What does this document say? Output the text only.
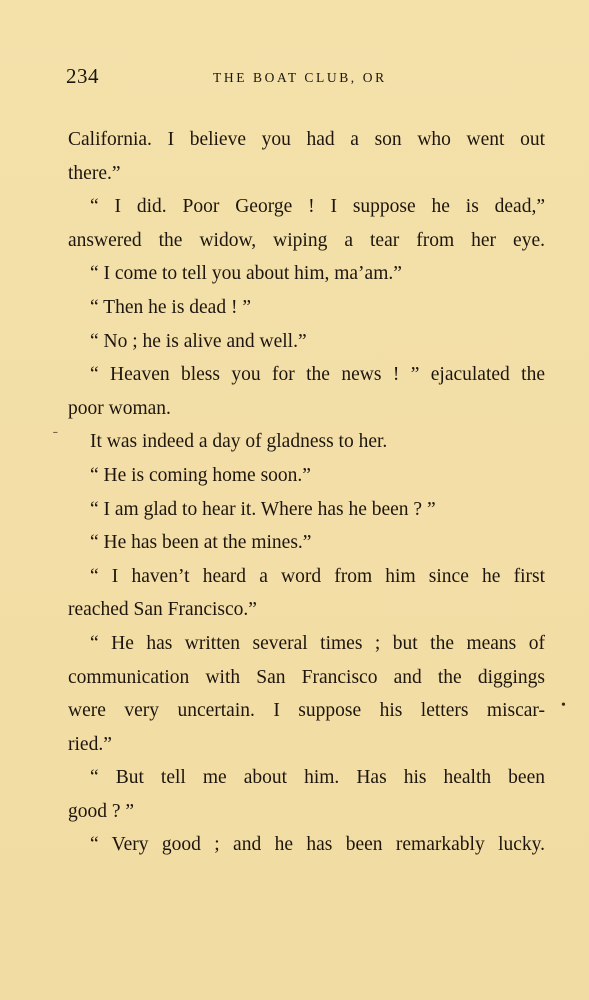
234	THE BOAT CLUB, OR
California. I believe you had a son who went out
there.”
“ I did. Poor George ! I suppose he is dead,”
answered the widow, wiping a tear from her eye.
“ I come to tell you about him, ma’am.”
“ Then he is dead ! ”
“ No ; he is alive and well.”
“ Heaven bless you for the news ! ” ejaculated the
poor woman.
It was indeed a day of gladness to her.
“ He is coming home soon.”
“ I am glad to hear it. Where has he been ? ”
“ He has been at the mines.”
“ I haven’t heard a word from him since he first
reached San Francisco.”
“ He has written several times ; but the means of
communication with San Francisco and the diggings
were very uncertain. I suppose his letters miscar-
ried.”
“ But tell me about him. Has his health been
good ? ”
“ Very good ; and he has been remarkably lucky.
˗
•
